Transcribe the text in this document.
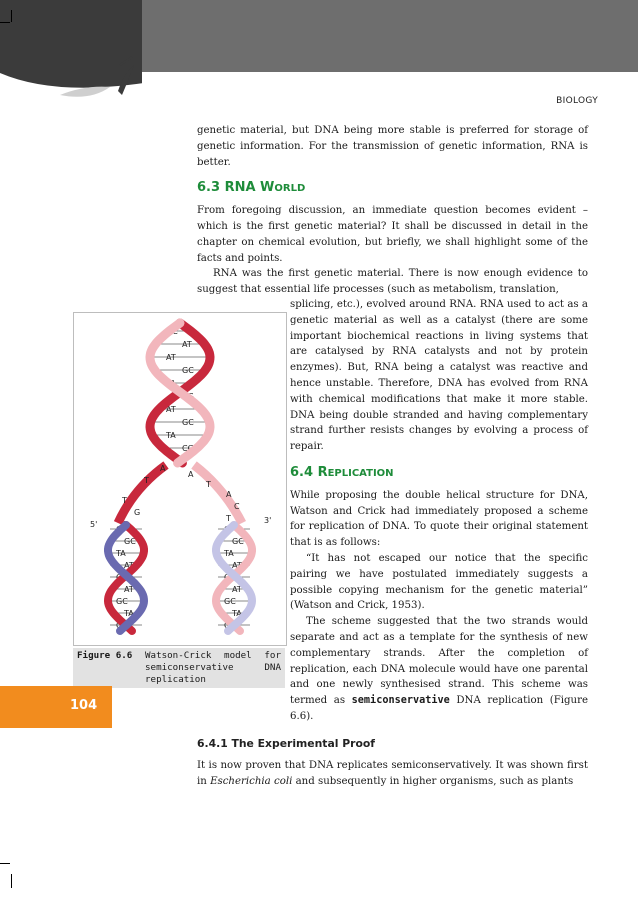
BIOLOGY

genetic material, but DNA being more stable is preferred for storage of genetic information. For the transmission of genetic information, RNA is better.

6.3 RNA WORLD

From foregoing discussion, an immediate question becomes evident – which is the first genetic material? It shall be discussed in detail in the chapter on chemical evolution, but briefly, we shall highlight some of the facts and points.

RNA was the first genetic material. There is now enough evidence to suggest that essential life processes (such as metabolism, translation,

splicing, etc.), evolved around RNA. RNA used to act as a genetic material as well as a catalyst (there are some important biochemical reactions in living systems that are catalysed by RNA catalysts and not by protein enzymes). But, RNA being a catalyst was reactive and hence unstable. Therefore, DNA has evolved from RNA with chemical modifications that make it more stable. DNA being double stranded and having complementary strand further resists changes by evolving a process of repair.

6.4 REPLICATION

While proposing the double helical structure for DNA, Watson and Crick had immediately proposed a scheme for replication of DNA. To quote their original statement that is as follows:

“It has not escaped our notice that the specific pairing we have postulated immediately suggests a possible copying mechanism for the genetic material” (Watson and Crick, 1953).

The scheme suggested that the two strands would separate and act as a template for the synthesis of new complementary strands. After the completion of replication, each DNA molecule would have one parental and one newly synthesised strand. This scheme was termed as semiconservative DNA replication (Figure 6.6).

6.4.1 The Experimental Proof

It is now proven that DNA replicates semiconservatively. It was shown first in Escherichia coli and subsequently in higher organisms, such as plants

GC
AT
AT
GC
TA
CG
AT
GC
TA
CG
A
T
A
T
T
G
A
A
C
T
C
GC
TA
AT
CG
AT
GC
TA
GC
G
GC
TA
AT
CG
AT
GC
TA
GC
5'	3'
Figure 6.6 Watson-Crick model for semiconservative DNA replication
104
